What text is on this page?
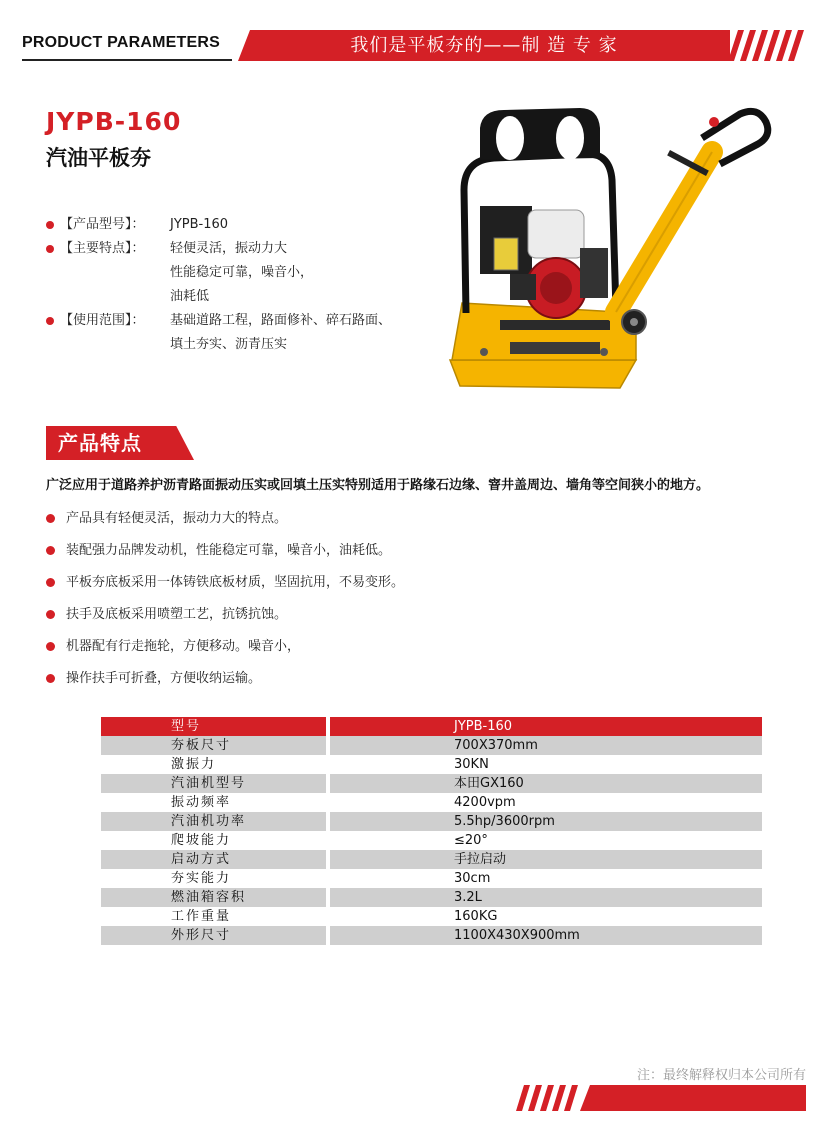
PRODUCT PARAMETERS	我们是平板夯的——制 造 专 家
JYPB-160
汽油平板夯
【产品型号】： JYPB-160
【主要特点】： 轻便灵活，振动力大
性能稳定可靠，噪音小，
油耗低
【使用范围】： 基础道路工程，路面修补、碎石路面、
填土夯实、沥青压实
产品特点
广泛应用于道路养护沥青路面振动压实或回填土压实特别适用于路缘石边缘、窨井盖周边、墙角等空间狭小的地方。
产品具有轻便灵活，振动力大的特点。
装配强力品牌发动机，性能稳定可靠，噪音小，油耗低。
平板夯底板采用一体铸铁底板材质，坚固抗用，不易变形。
扶手及底板采用喷塑工艺，抗锈抗蚀。
机器配有行走拖轮，方便移动。噪音小，
操作扶手可折叠，方便收纳运输。
型号	JYPB-160
夯板尺寸	700X370mm
激振力	30KN
汽油机型号	本田GX160
振动频率	4200vpm
汽油机功率	5.5hp/3600rpm
爬坡能力	≤20°
启动方式	手拉启动
夯实能力	30cm
燃油箱容积	3.2L
工作重量	160KG
外形尺寸	1100X430X900mm
注：最终解释权归本公司所有
